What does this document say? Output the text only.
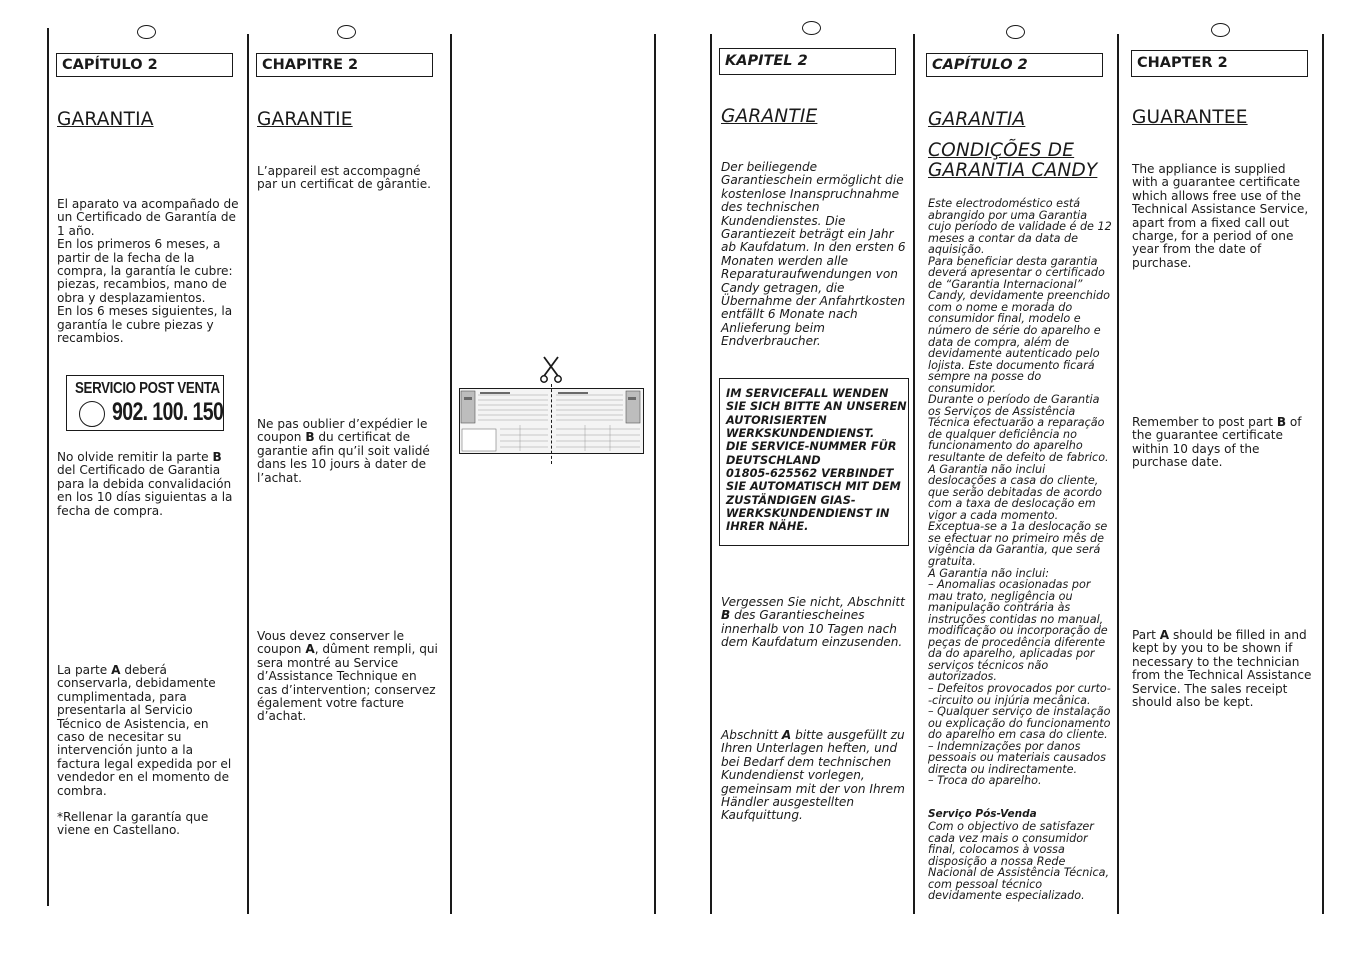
CAPÍTULO 2
GARANTIA
El aparato va acompañado de un Certificado de Garantía de 1 año.
En los primeros 6 meses, a partir de la fecha de la compra, la garantía le cubre: piezas, recambios, mano de obra y desplazamientos.
En los 6 meses siguientes, la garantía le cubre piezas y recambios.
SERVICIO POST VENTA
902. 100. 150
No olvide remitir la parte B del Certificado de Garantia para la debida convalidación en los 10 días siguientas a la fecha de compra.
La parte A deberá conservarla, debidamente cumplimentada, para presentarla al Servicio Técnico de Asistencia, en caso de necesitar su intervención junto a la factura legal expedida por el vendedor en el momento de combra.
*Rellenar la garantía que viene en Castellano.
CHAPITRE 2
GARANTIE
L’appareil est accompagné par un certificat de gârantie.
Ne pas oublier d’expédier le coupon B du certificat de garantie afin qu’il soit validé dans les 10 jours à dater de l’achat.
Vous devez conserver le coupon A, dûment rempli, qui sera montré au Service d’Assistance Technique en cas d’intervention; conservez également votre facture d’achat.
KAPITEL 2
GARANTIE
Der beiliegende Garantieschein ermöglicht die kostenlose Inanspruchnahme des technischen Kundendienstes. Die Garantiezeit beträgt ein Jahr ab Kaufdatum. In den ersten 6 Monaten werden alle Reparaturaufwendungen von Candy getragen, die Übernahme der Anfahrtkosten entfällt 6 Monate nach Anlieferung beim Endverbraucher.
IM SERVICEFALL WENDEN SIE SICH BITTE AN UNSEREN AUTORISIERTEN WERKSKUNDENDIENST.
DIE SERVICE-NUMMER FÜR DEUTSCHLAND
01805-625562 VERBINDET SIE AUTOMATISCH MIT DEM ZUSTÄNDIGEN GIAS-WERKSKUNDENDIENST IN IHRER NÄHE.
Vergessen Sie nicht, Abschnitt B des Garantiescheines innerhalb von 10 Tagen nach dem Kaufdatum einzusenden.
Abschnitt A bitte ausgefüllt zu Ihren Unterlagen heften, und bei Bedarf dem technischen Kundendienst vorlegen, gemeinsam mit der von Ihrem Händler ausgestellten Kaufquittung.
CAPÍTULO 2
GARANTIA
CONDIÇÕES DE
GARANTIA CANDY
Este electrodoméstico está abrangido por uma Garantia cujo período de validade é de 12 meses a contar da data de aquisição.
Para beneficiar desta garantia deverá apresentar o certificado de “Garantia Internacional” Candy, devidamente preenchido com o nome e morada do consumidor final, modelo e número de série do aparelho e data de compra, além de devidamente autenticado pelo lojista. Este documento ficará sempre na posse do consumidor.
Durante o período de Garantia os Serviços de Assistência Técnica efectuarão a reparação de qualquer deficiência no funcionamento do aparelho resultante de defeito de fabrico. A Garantia não inclui deslocações a casa do cliente, que serão debitadas de acordo com a taxa de deslocação em vigor a cada momento.
Exceptua-se a 1a deslocação se se efectuar no primeiro mês de vigência da Garantia, que será gratuita.
A Garantia não inclui:
– Anomalias ocasionadas por mau trato, negligência ou manipulação contrária às instruções contidas no manual, modificação ou incorporação de peças de procedência diferente da do aparelho, aplicadas por serviços técnicos não autorizados.
– Defeitos provocados por curto--circuito ou injúria mecânica.
– Qualquer serviço de instalação ou explicação do funcionamento do aparelho em casa do cliente.
– Indemnizações por danos pessoais ou materiais causados directa ou indirectamente.
– Troca do aparelho.
Serviço Pós-Venda
Com o objectivo de satisfazer cada vez mais o consumidor final, colocamos à vossa disposição a nossa Rede Nacional de Assistência Técnica, com pessoal técnico devidamente especializado.
CHAPTER 2
GUARANTEE
The appliance is supplied with a guarantee certificate which allows free use of the Technical Assistance Service, apart from a fixed call out charge, for a period of one year from the date of purchase.
Remember to post part B of the guarantee certificate within 10 days of the purchase date.
Part A should be filled in and kept by you to be shown if necessary to the technician from the Technical Assistance Service. The sales receipt should also be kept.
